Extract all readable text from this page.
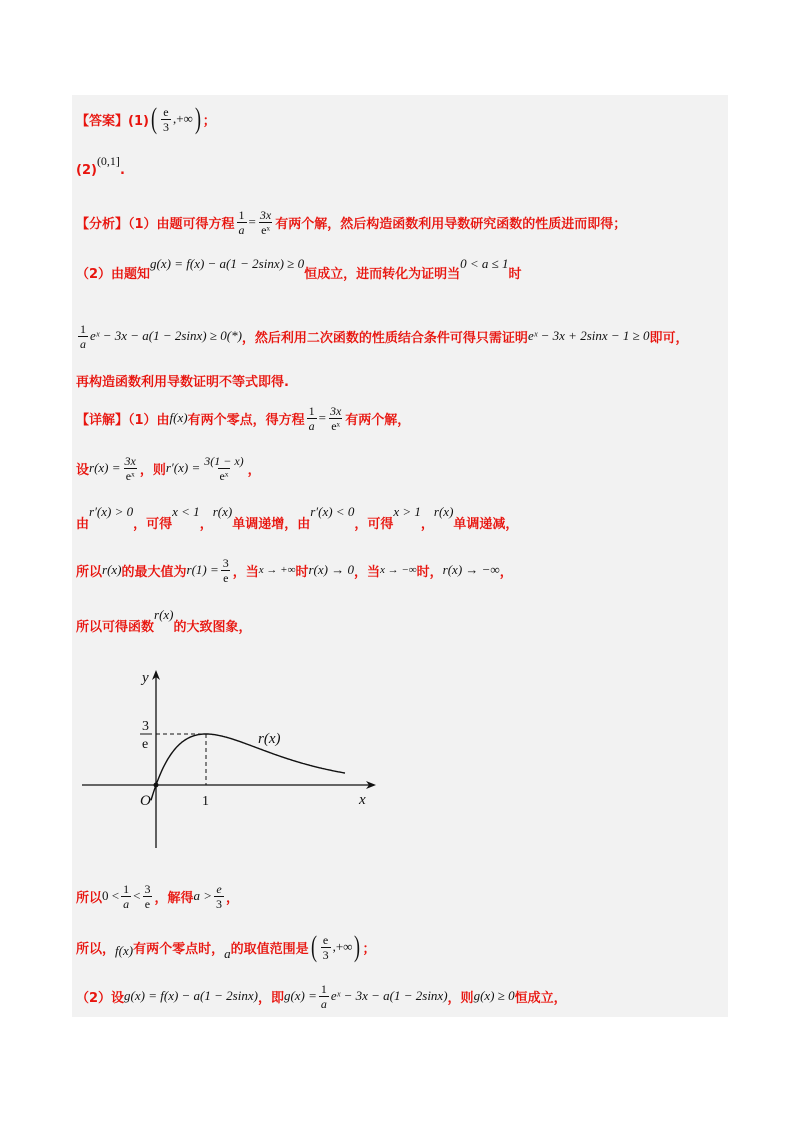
【答案】(1) ( $\frac{e}{3}$ ,+∞ ) ；
(2)
(0,1]
.
【分析】（1）由题可得方程 $\frac{1}{a} = \frac{3x}{\text{eˣ}}$ 有两个解，然后构造函数利用导数研究函数的性质进而即得；
（2）由题知
g(x) = f(x) − a(1 − 2sinx) ≥ 0
恒成立，进而转化为证明当
0 < a ≤ 1
时
$\frac{1}{a}$ eˣ − 3x − a(1 − 2sinx) ≥ 0(*) ，然后利用二次函数的性质结合条件可得只需证明 eˣ − 3x + 2sinx − 1 ≥ 0 即可，
再构造函数利用导数证明不等式即得.
【详解】（1）由 f(x) 有两个零点，得方程 $\frac{1}{a} = \frac{3x}{\text{eˣ}}$ 有两个解，
设 $r(x) = \frac{3x}{\text{eˣ}}$ ，则 $r'(x) = \frac{3(1 - x)}{\text{eˣ}}$ ，
由
r′(x) > 0
，可得
x < 1
，
r(x)
单调递增，由
r′(x) < 0
，可得
x > 1
，
r(x)
单调递减，
所以 r(x) 的最大值为 $r(1) = \frac{3}{e}$ ，当 x → +∞ 时 r(x) → 0 ，当 x → −∞ 时， r(x) → −∞ ，
所以可得函数
r(x)
的大致图象，
y
x
O	1
3
e	r(x)
所以 $0 < \frac{1}{a} < \frac{3}{e}$ ，解得 $a > \frac{e}{3}$ ，
所以， f(x) 有两个零点时， a 的取值范围是 ( $\frac{e}{3}$ ,+∞ ) ；
（2）设 g(x) = f(x) − a(1 − 2sinx) ，即 $g(x) = \frac{1}{a}$ eˣ − 3x − a(1 − 2sinx) ，则 g(x) ≥ 0 恒成立，
